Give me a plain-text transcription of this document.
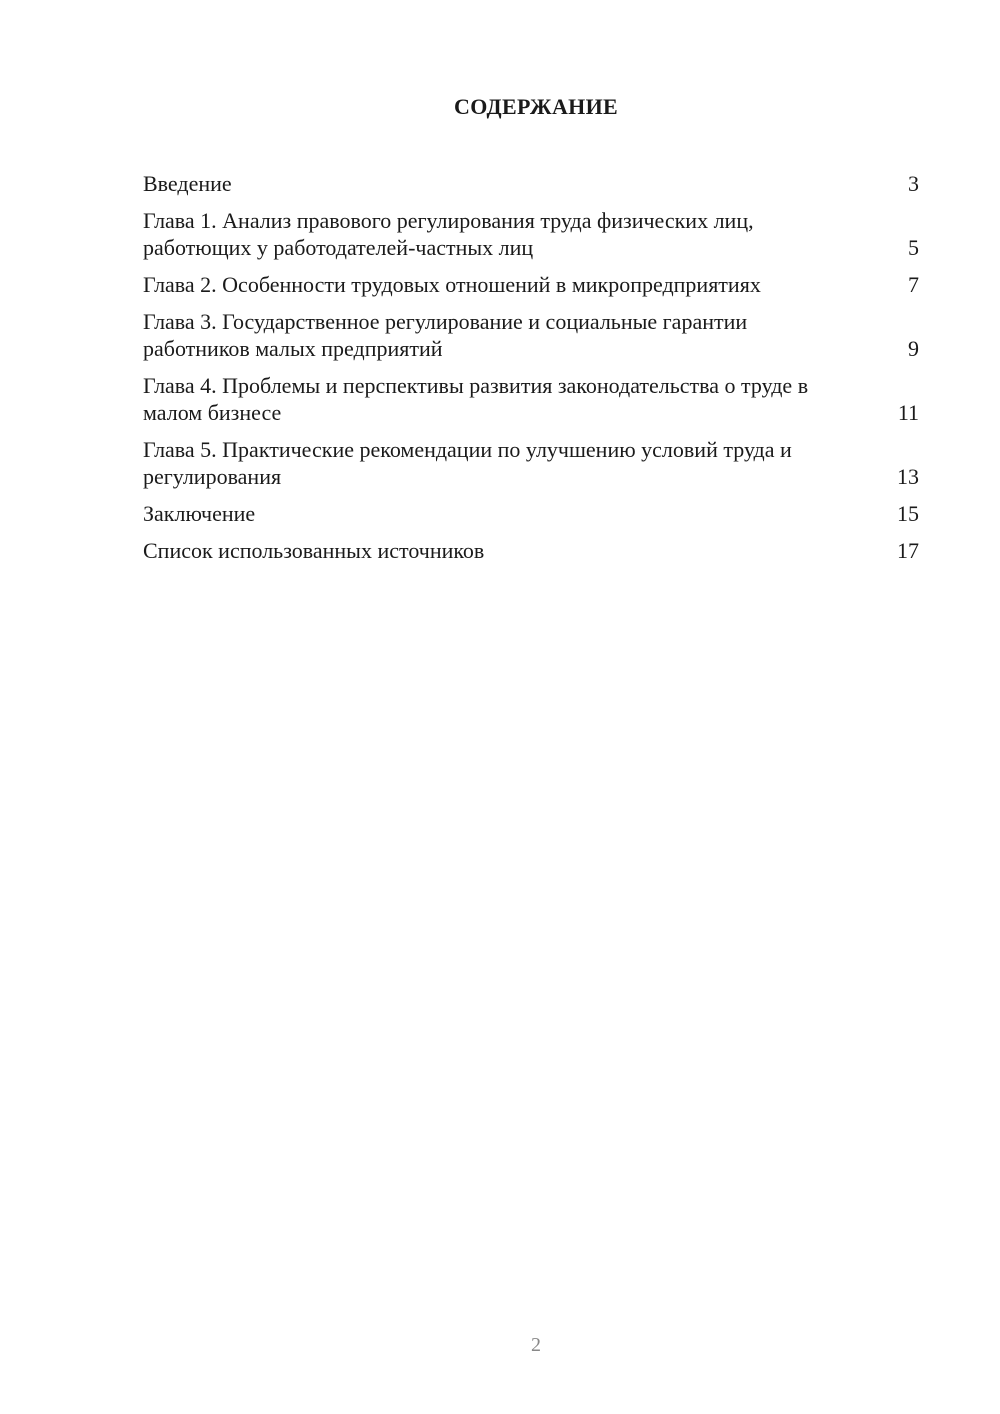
СОДЕРЖАНИЕ
Введение	3
Глава 1. Анализ правового регулирования труда физических лиц, работющих у работодателей-частных лиц	5
Глава 2. Особенности трудовых отношений в микропредприятиях	7
Глава 3. Государственное регулирование и социальные гарантии работников малых предприятий	9
Глава 4. Проблемы и перспективы развития законодательства о труде в малом бизнесе	11
Глава 5. Практические рекомендации по улучшению условий труда и регулирования	13
Заключение	15
Список использованных источников	17
2
